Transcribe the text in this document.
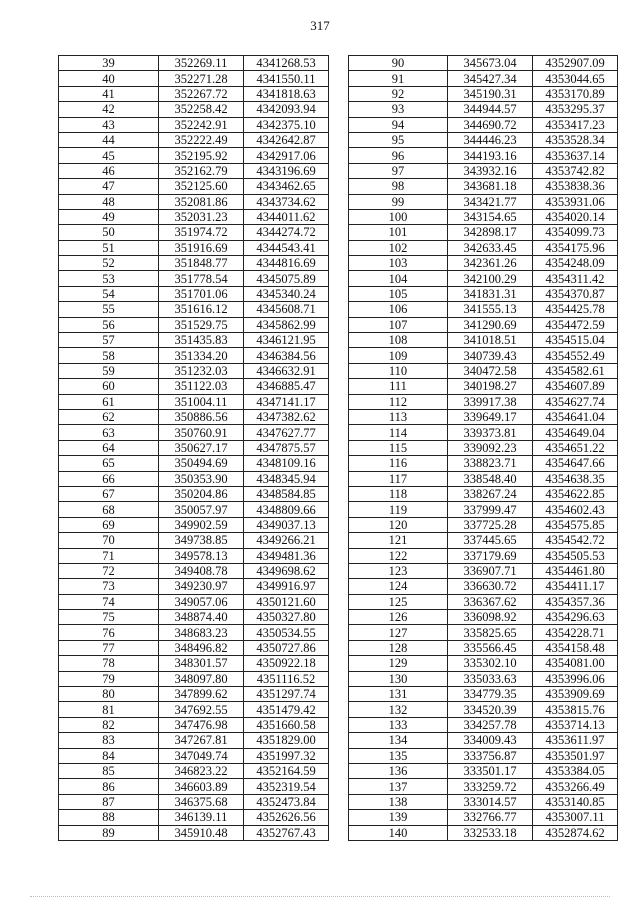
317
39	352269.11	4341268.53
40	352271.28	4341550.11
41	352267.72	4341818.63
42	352258.42	4342093.94
43	352242.91	4342375.10
44	352222.49	4342642.87
45	352195.92	4342917.06
46	352162.79	4343196.69
47	352125.60	4343462.65
48	352081.86	4343734.62
49	352031.23	4344011.62
50	351974.72	4344274.72
51	351916.69	4344543.41
52	351848.77	4344816.69
53	351778.54	4345075.89
54	351701.06	4345340.24
55	351616.12	4345608.71
56	351529.75	4345862.99
57	351435.83	4346121.95
58	351334.20	4346384.56
59	351232.03	4346632.91
60	351122.03	4346885.47
61	351004.11	4347141.17
62	350886.56	4347382.62
63	350760.91	4347627.77
64	350627.17	4347875.57
65	350494.69	4348109.16
66	350353.90	4348345.94
67	350204.86	4348584.85
68	350057.97	4348809.66
69	349902.59	4349037.13
70	349738.85	4349266.21
71	349578.13	4349481.36
72	349408.78	4349698.62
73	349230.97	4349916.97
74	349057.06	4350121.60
75	348874.40	4350327.80
76	348683.23	4350534.55
77	348496.82	4350727.86
78	348301.57	4350922.18
79	348097.80	4351116.52
80	347899.62	4351297.74
81	347692.55	4351479.42
82	347476.98	4351660.58
83	347267.81	4351829.00
84	347049.74	4351997.32
85	346823.22	4352164.59
86	346603.89	4352319.54
87	346375.68	4352473.84
88	346139.11	4352626.56
89	345910.48	4352767.43
90	345673.04	4352907.09
91	345427.34	4353044.65
92	345190.31	4353170.89
93	344944.57	4353295.37
94	344690.72	4353417.23
95	344446.23	4353528.34
96	344193.16	4353637.14
97	343932.16	4353742.82
98	343681.18	4353838.36
99	343421.77	4353931.06
100	343154.65	4354020.14
101	342898.17	4354099.73
102	342633.45	4354175.96
103	342361.26	4354248.09
104	342100.29	4354311.42
105	341831.31	4354370.87
106	341555.13	4354425.78
107	341290.69	4354472.59
108	341018.51	4354515.04
109	340739.43	4354552.49
110	340472.58	4354582.61
111	340198.27	4354607.89
112	339917.38	4354627.74
113	339649.17	4354641.04
114	339373.81	4354649.04
115	339092.23	4354651.22
116	338823.71	4354647.66
117	338548.40	4354638.35
118	338267.24	4354622.85
119	337999.47	4354602.43
120	337725.28	4354575.85
121	337445.65	4354542.72
122	337179.69	4354505.53
123	336907.71	4354461.80
124	336630.72	4354411.17
125	336367.62	4354357.36
126	336098.92	4354296.63
127	335825.65	4354228.71
128	335566.45	4354158.48
129	335302.10	4354081.00
130	335033.63	4353996.06
131	334779.35	4353909.69
132	334520.39	4353815.76
133	334257.78	4353714.13
134	334009.43	4353611.97
135	333756.87	4353501.97
136	333501.17	4353384.05
137	333259.72	4353266.49
138	333014.57	4353140.85
139	332766.77	4353007.11
140	332533.18	4352874.62
